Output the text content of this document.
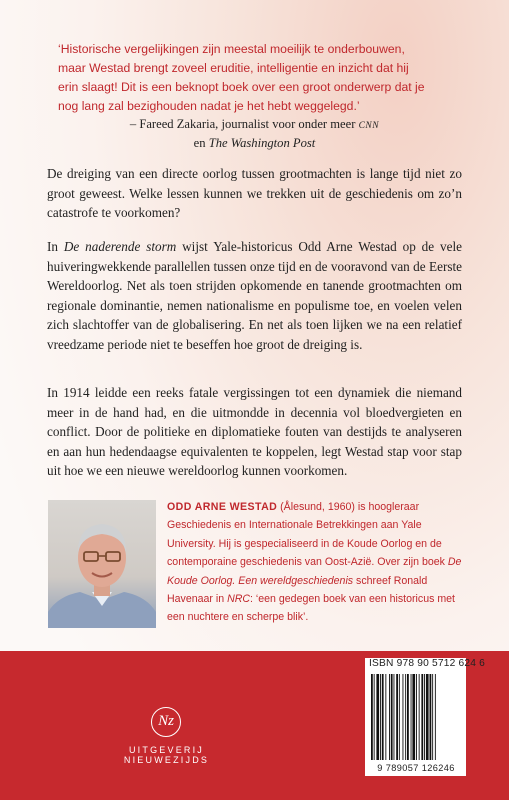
‘Historische vergelijkingen zijn meestal moeilijk te onderbouwen,

maar Westad brengt zoveel eruditie, intelligentie en inzicht dat hij

erin slaagt! Dit is een beknopt boek over een groot onderwerp dat je

nog lang zal bezighouden nadat je het hebt weggelegd.’

– Fareed Zakaria, journalist voor onder meer CNN
en The Washington Post

De dreiging van een directe oorlog tussen grootmachten is lange tijd niet zo groot geweest. Welke lessen kunnen we trekken uit de geschiedenis om zo’n catastrofe te voorkomen?

In De naderende storm wijst Yale-historicus Odd Arne Westad op de vele huiveringwekkende parallellen tussen onze tijd en de vooravond van de Eerste Wereldoorlog. Net als toen strijden opkomende en tanende grootmachten om regionale dominantie, nemen nationalisme en populisme toe, en voelen velen zich slachtoffer van de globalisering. En net als toen lijken we na een relatief vreedzame periode niet te beseffen hoe groot de dreiging is.

In 1914 leidde een reeks fatale vergissingen tot een dynamiek die niemand meer in de hand had, en die uitmondde in decennia vol bloedvergieten en conflict. Door de politieke en diplomatieke fouten van destijds te analyseren en aan hun hedendaagse equivalenten te koppelen, legt Westad stap voor stap uit hoe we een nieuwe wereldoorlog kunnen voorkomen.

ODD ARNE WESTAD (Ålesund, 1960) is hoogleraar Geschiedenis en Internationale Betrekkingen aan Yale University. Hij is gespecialiseerd in de Koude Oorlog en de contemporaine geschiedenis van Oost-Azië. Over zijn boek De Koude Oorlog. Een wereldgeschiedenis schreef Ronald Havenaar in NRC: ‘een gedegen boek van een historicus met een nuchtere en scherpe blik’.

Nz
UITGEVERIJ NIEUWEZIJDS
ISBN 978 90 5712 624 6
9 789057 126246
